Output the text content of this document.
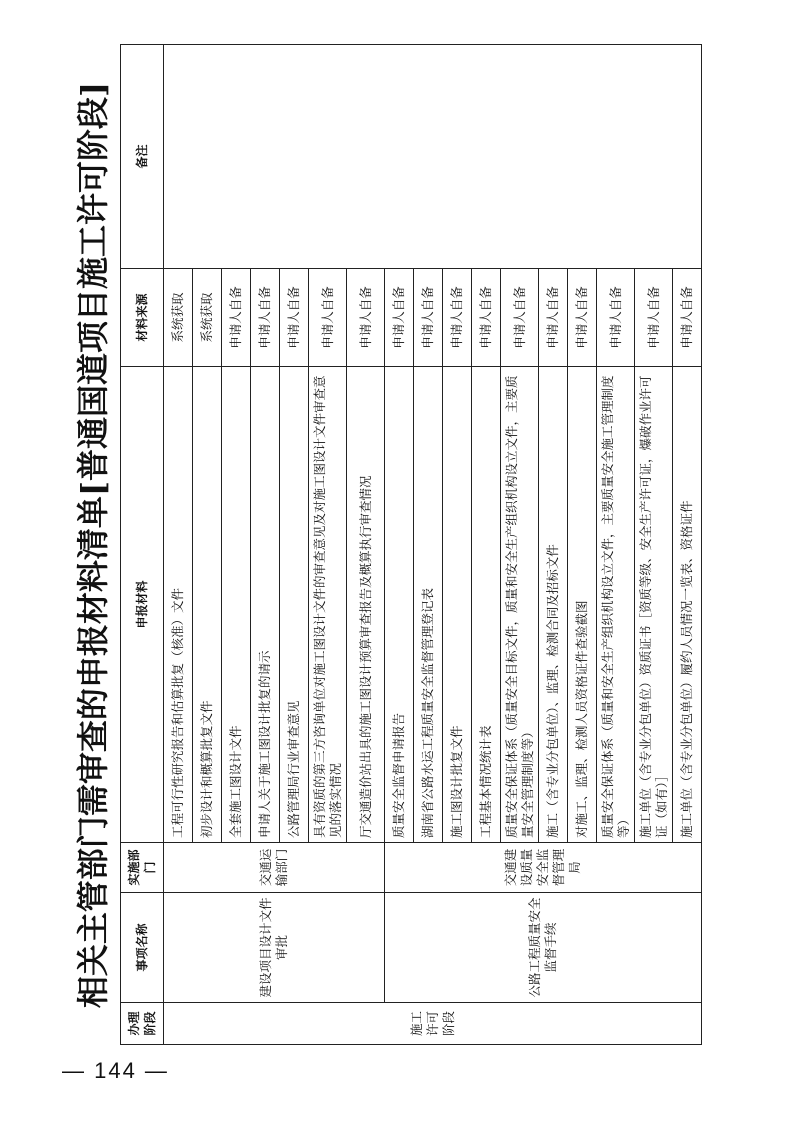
— 144 —
相关主管部门需审查的申报材料清单[普通国道项目施工许可阶段]
办理阶段	事项名称	实施部门	申报材料	材料来源	备注
施工许可阶段	建设项目设计文件审批	交通运输部门	工程可行性研究报告和估算批复（核准）文件	系统获取	
			初步设计和概算批复文件	系统获取	
			全套施工图设计文件	申请人自备	
			申请人关于施工图设计批复的请示	申请人自备	
			公路管理局行业审查意见	申请人自备	
			具有资质的第三方咨询单位对施工图设计文件的审查意见及对施工图设计文件审查意见的落实情况	申请人自备	
			厅交通造价站出具的施工图设计预算审查报告及概算执行审查情况	申请人自备	
	公路工程质量安全监督手续	交通建设质量安全监督管理局	质量安全监督申请报告	申请人自备	
			湖南省公路水运工程质量安全监督管理登记表	申请人自备	
			施工图设计批复文件	申请人自备	
			工程基本情况统计表	申请人自备	
			质量安全保证体系（质量安全目标文件，质量和安全生产组织机构设立文件，主要质量安全管理制度等）	申请人自备	
			施工（含专业分包单位）、监理、检测合同及招标文件	申请人自备	
			对施工、监理、检测人员资格证件查验截图	申请人自备	
			质量安全保证体系（质量和安全生产组织机构设立文件，主要质量安全施工管理制度等）	申请人自备	
			施工单位（含专业分包单位）资质证书［资质等级、安全生产许可证，爆破作业许可证（如有）］	申请人自备	
			施工单位（含专业分包单位）履约人员情况一览表、资格证件	申请人自备	
